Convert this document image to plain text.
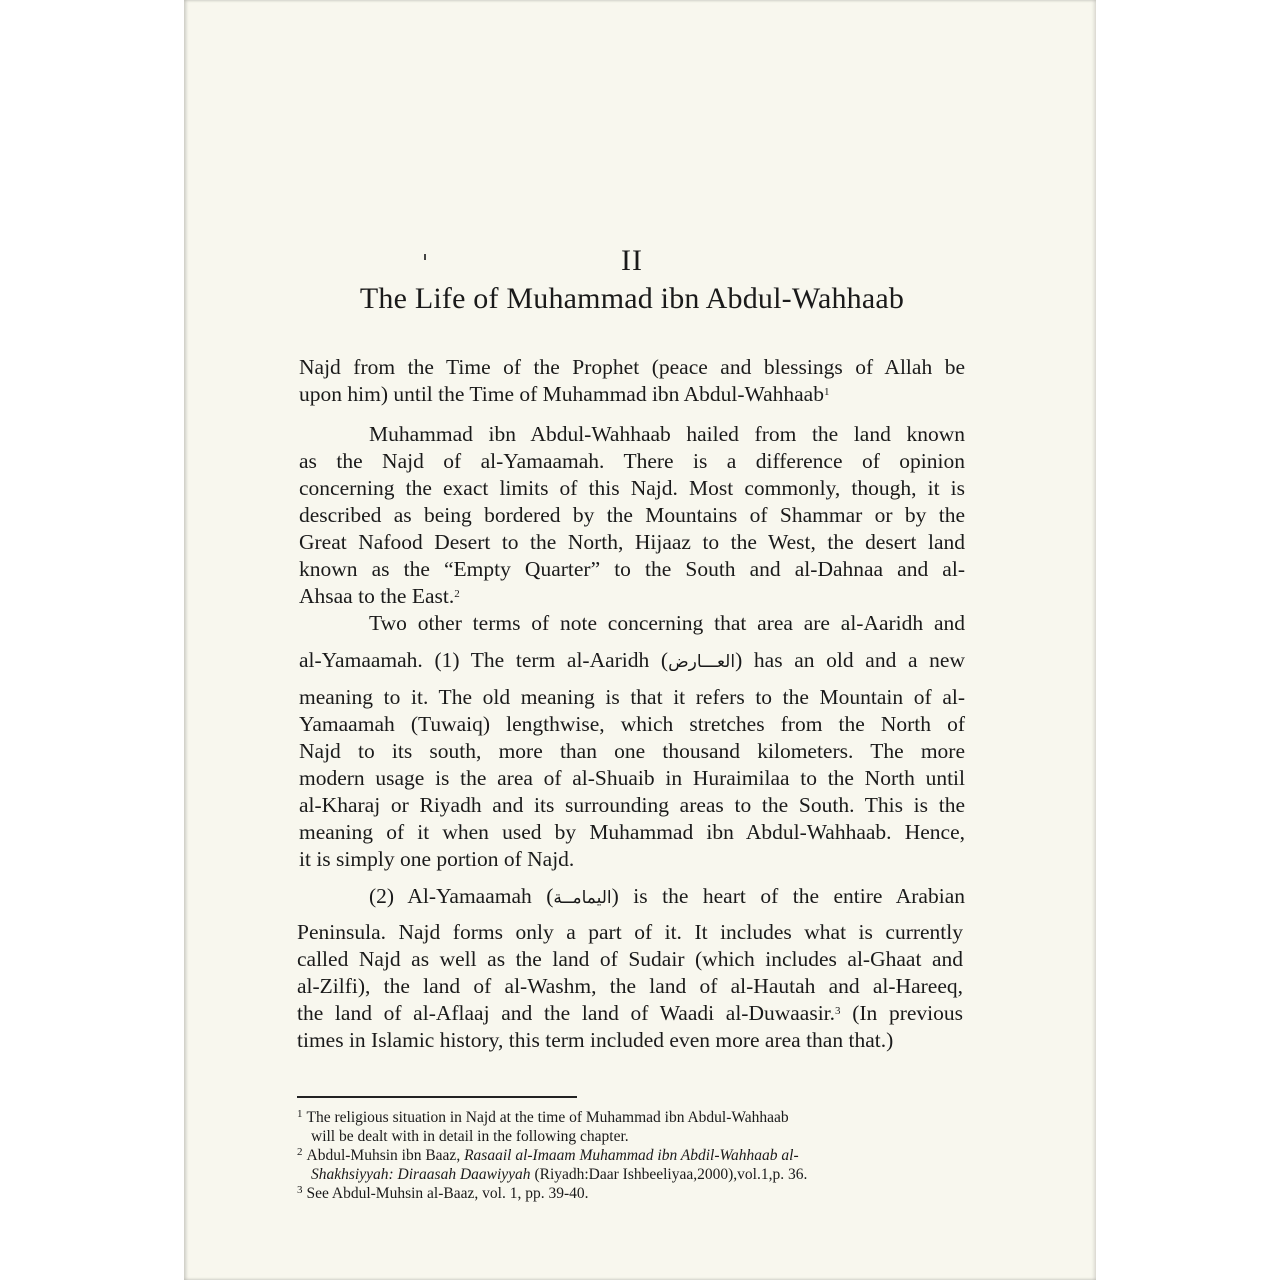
II
The Life of Muhammad ibn Abdul-Wahhaab
Najd from the Time of the Prophet (peace and blessings of Allah be
upon him) until the Time of Muhammad ibn Abdul-Wahhaab$^1$
Muhammad ibn Abdul-Wahhaab hailed from the land known
as the Najd of al-Yamaamah. There is a difference of opinion
concerning the exact limits of this Najd. Most commonly, though, it is
described as being bordered by the Mountains of Shammar or by the
Great Nafood Desert to the North, Hijaaz to the West, the desert land
known as the “Empty Quarter” to the South and al-Dahnaa and al-
Ahsaa to the East.$^2$
Two other terms of note concerning that area are al-Aaridh and
al-Yamaamah. (1) The term al-Aaridh (العـــارض) has an old and a new
meaning to it. The old meaning is that it refers to the Mountain of al-
Yamaamah (Tuwaiq) lengthwise, which stretches from the North of
Najd to its south, more than one thousand kilometers. The more
modern usage is the area of al-Shuaib in Huraimilaa to the North until
al-Kharaj or Riyadh and its surrounding areas to the South. This is the
meaning of it when used by Muhammad ibn Abdul-Wahhaab. Hence,
it is simply one portion of Najd.
(2) Al-Yamaamah (اليمامــة) is the heart of the entire Arabian
Peninsula. Najd forms only a part of it. It includes what is currently
called Najd as well as the land of Sudair (which includes al-Ghaat and
al-Zilfi), the land of al-Washm, the land of al-Hautah and al-Hareeq,
the land of al-Aflaaj and the land of Waadi al-Duwaasir.$^3$ (In previous
times in Islamic history, this term included even more area than that.)
$^1$ The religious situation in Najd at the time of Muhammad ibn Abdul-Wahhaab
will be dealt with in detail in the following chapter.
$^2$ Abdul-Muhsin ibn Baaz, Rasaail al-Imaam Muhammad ibn Abdil-Wahhaab al-
Shakhsiyyah: Diraasah Daawiyyah (Riyadh:Daar Ishbeeliyaa,2000),vol.1,p. 36.
$^3$ See Abdul-Muhsin al-Baaz, vol. 1, pp. 39-40.
